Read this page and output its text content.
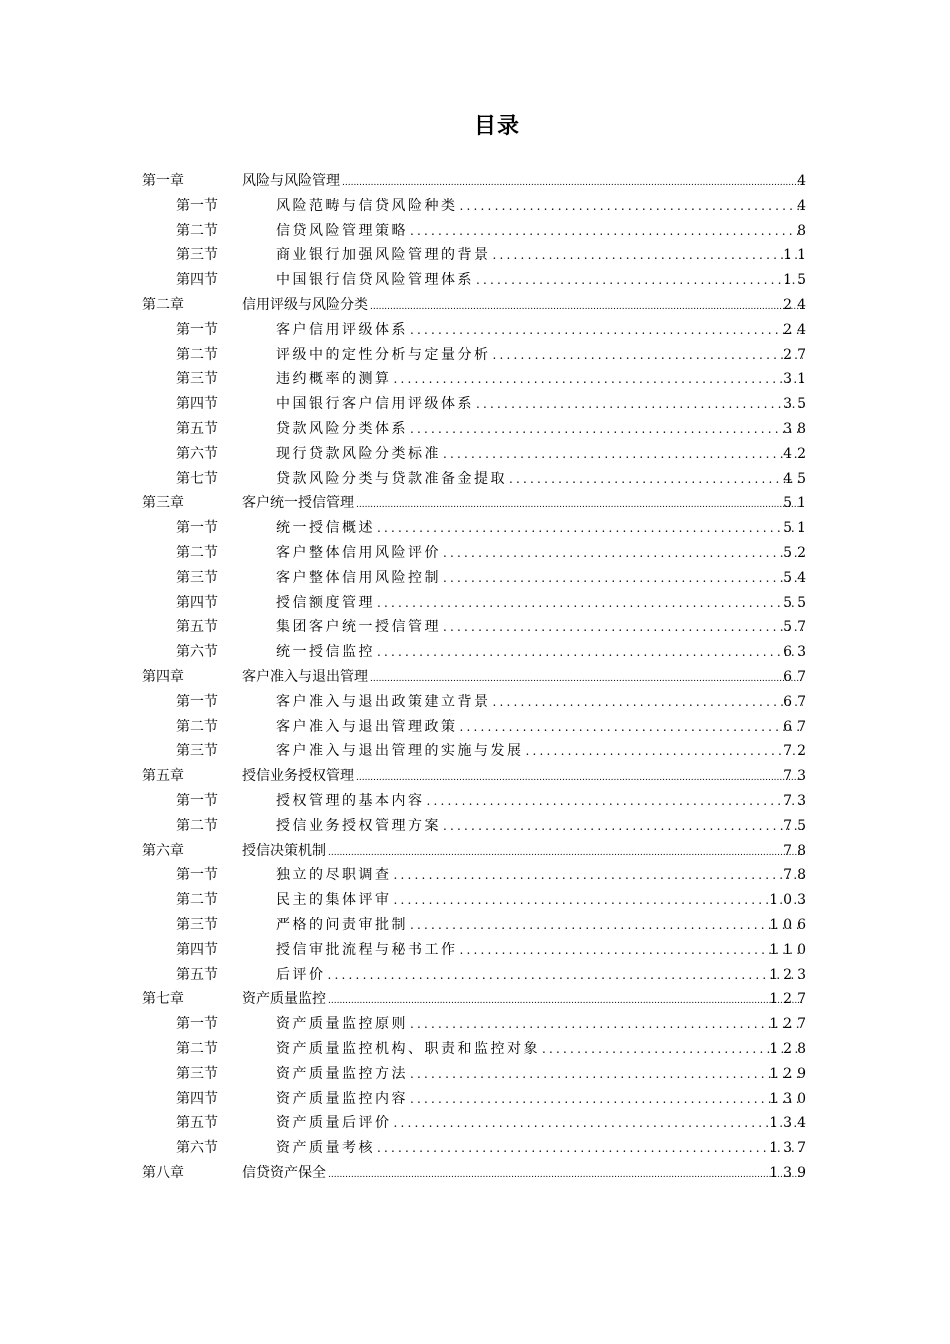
目录
第一章	风险与风险管理 .....	4
第一节	风险范畴与信贷风险种类 .....	4
第二节	信贷风险管理策略 .....	8
第三节	商业银行加强风险管理的背景 .....	11
第四节	中国银行信贷风险管理体系 .....	15
第二章	信用评级与风险分类 .....	24
第一节	客户信用评级体系 .....	24
第二节	评级中的定性分析与定量分析 .....	27
第三节	违约概率的测算 .....	31
第四节	中国银行客户信用评级体系 .....	35
第五节	贷款风险分类体系 .....	38
第六节	现行贷款风险分类标准 .....	42
第七节	贷款风险分类与贷款准备金提取 .....	45
第三章	客户统一授信管理 .....	51
第一节	统一授信概述 .....	51
第二节	客户整体信用风险评价 .....	52
第三节	客户整体信用风险控制 .....	54
第四节	授信额度管理 .....	55
第五节	集团客户统一授信管理 .....	57
第六节	统一授信监控 .....	63
第四章	客户准入与退出管理 .....	67
第一节	客户准入与退出政策建立背景 .....	67
第二节	客户准入与退出管理政策 .....	67
第三节	客户准入与退出管理的实施与发展 .....	72
第五章	授信业务授权管理 .....	73
第一节	授权管理的基本内容 .....	73
第二节	授信业务授权管理方案 .....	75
第六章	授信决策机制 .....	78
第一节	独立的尽职调查 .....	78
第二节	民主的集体评审 .....	103
第三节	严格的问责审批制 .....	106
第四节	授信审批流程与秘书工作 .....	110
第五节	后评价 .....	123
第七章	资产质量监控 .....	127
第一节	资产质量监控原则 .....	127
第二节	资产质量监控机构、职责和监控对象 .....	128
第三节	资产质量监控方法 .....	129
第四节	资产质量监控内容 .....	130
第五节	资产质量后评价 .....	134
第六节	资产质量考核 .....	137
第八章	信贷资产保全 .....	139
